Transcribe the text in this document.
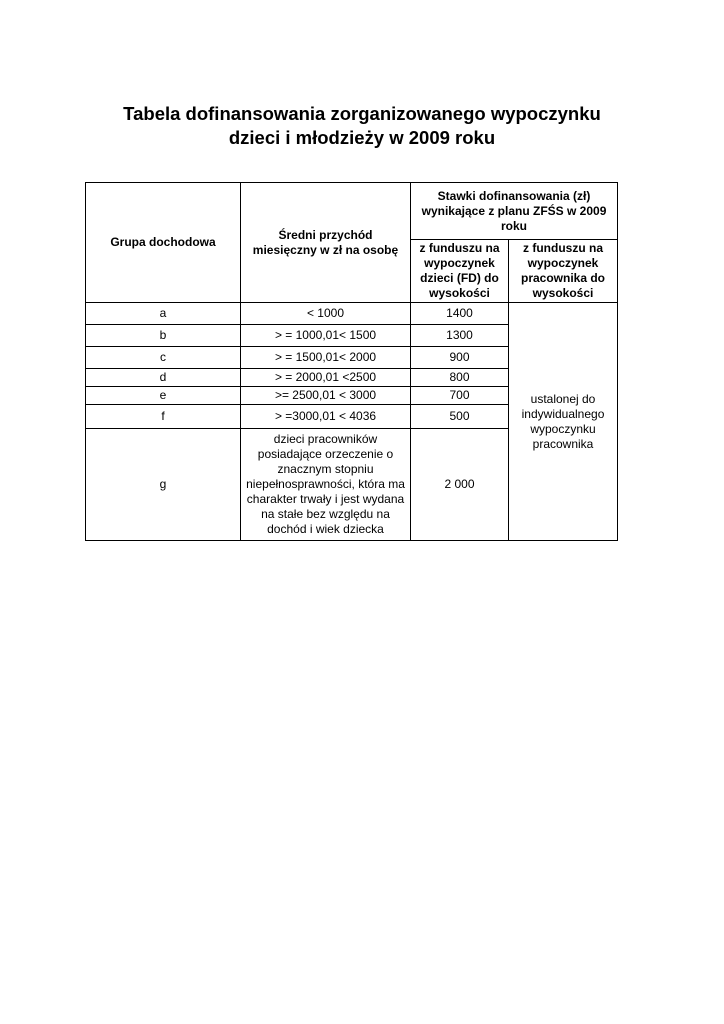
Tabela dofinansowania zorganizowanego wypoczynku
dzieci i młodzieży w 2009 roku
Grupa dochodowa	Średni przychód miesięczny w zł na osobę	Stawki dofinansowania (zł) wynikające z planu ZFŚS w 2009 roku	
		z funduszu na wypoczynek dzieci (FD) do wysokości	z funduszu na wypoczynek pracownika do wysokości
a	< 1000	1400	ustalonej do indywidualnego wypoczynku pracownika
b	> = 1000,01< 1500	1300	
c	> = 1500,01< 2000	900	
d	> = 2000,01 <2500	800	
e	>= 2500,01 < 3000	700	
f	> =3000,01 < 4036	500	
g	dzieci pracowników posiadające orzeczenie o znacznym stopniu niepełnosprawności, która ma charakter trwały i jest wydana na stałe bez względu na dochód i wiek dziecka	2 000	
